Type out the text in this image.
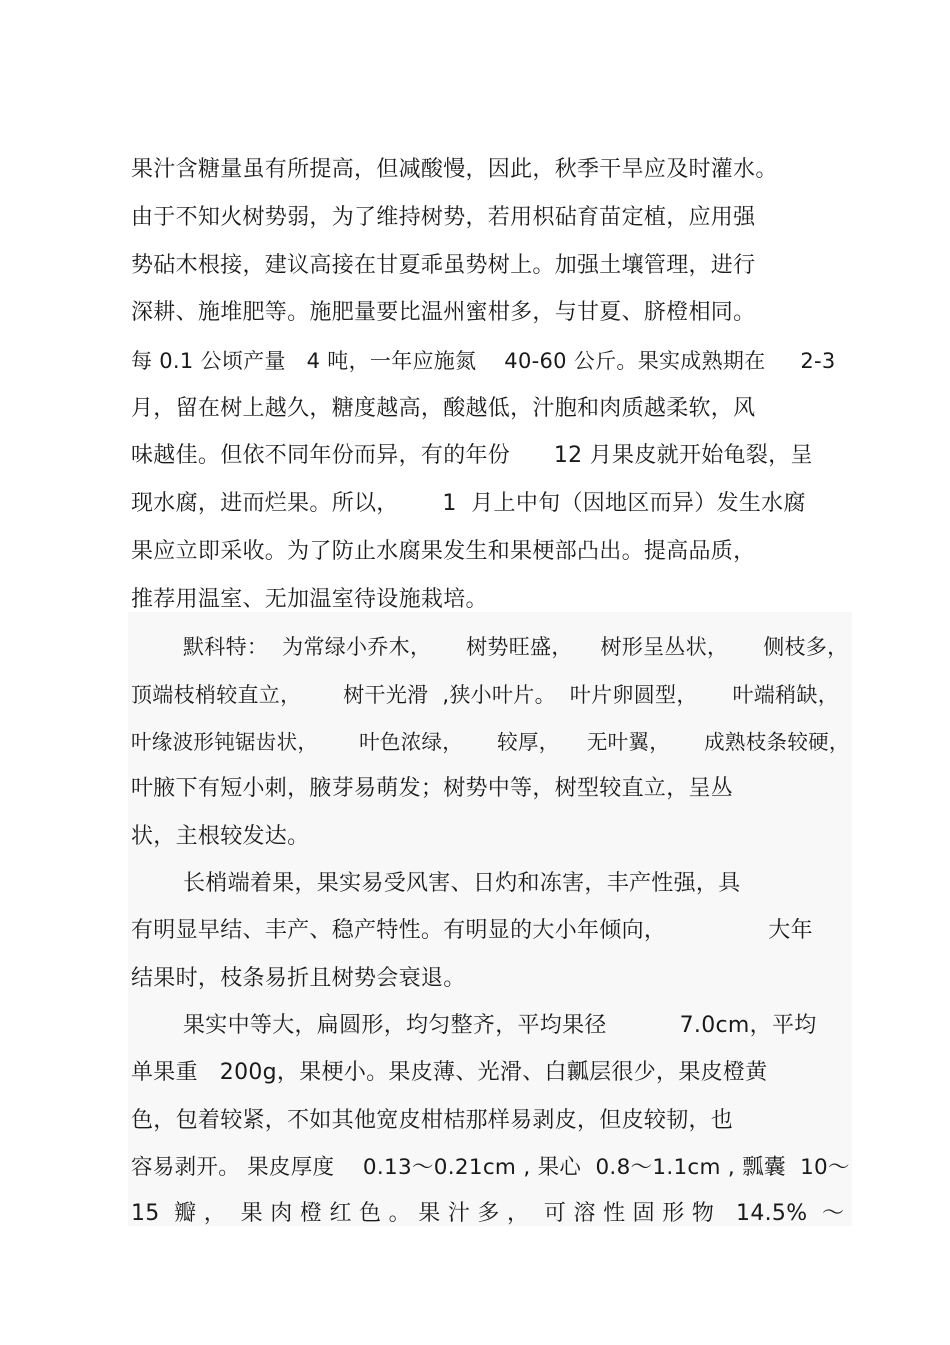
果汁含糖量虽有所提高，但减酸慢，因此，秋季干旱应及时灌水。
由于不知火树势弱，为了维持树势，若用枳砧育苗定植，应用强
势砧木根接，建议高接在甘夏乖虽势树上。加强土壤管理，进行
深耕、施堆肥等。施肥量要比温州蜜柑多，与甘夏、脐橙相同。
每 0.1 公顷产量   4 吨，一年应施氮    40-60 公斤。果实成熟期在     2-3
月，留在树上越久，糖度越高，酸越低，汁胞和肉质越柔软，风
味越佳。但依不同年份而异，有的年份      12 月果皮就开始龟裂，呈
现水腐，进而烂果。所以，      1  月上中旬（因地区而异）发生水腐
果应立即采收。为了防止水腐果发生和果梗部凸出。提高品质，
推荐用温室、无加温室待设施栽培。
默科特：  为常绿小乔木，     树势旺盛，    树形呈丛状，     侧枝多，
顶端枝梢较直立，      树干光滑  ,狭小叶片。  叶片卵圆型，     叶端稍缺，
叶缘波形钝锯齿状，      叶色浓绿，     较厚，    无叶翼，     成熟枝条较硬，
叶腋下有短小刺，腋芽易萌发；树势中等，树型较直立，呈丛
状，主根较发达。
长梢端着果，果实易受风害、日灼和冻害，丰产性强，具
有明显早结、丰产、稳产特性。有明显的大小年倾向，              大年
结果时，枝条易折且树势会衰退。
果实中等大，扁圆形，均匀整齐，平均果径          7.0cm，平均
单果重   200g，果梗小。果皮薄、光滑、白瓤层很少，果皮橙黄
色，包着较紧，不如其他宽皮柑桔那样易剥皮，但皮较韧，也
容易剥开。 果皮厚度    0.13～0.21cm , 果心  0.8～1.1cm , 瓢囊  10～
15  瓣 ，  果 肉 橙 红 色 。 果 汁 多 ，  可 溶 性 固 形 物   14.5%  ～
